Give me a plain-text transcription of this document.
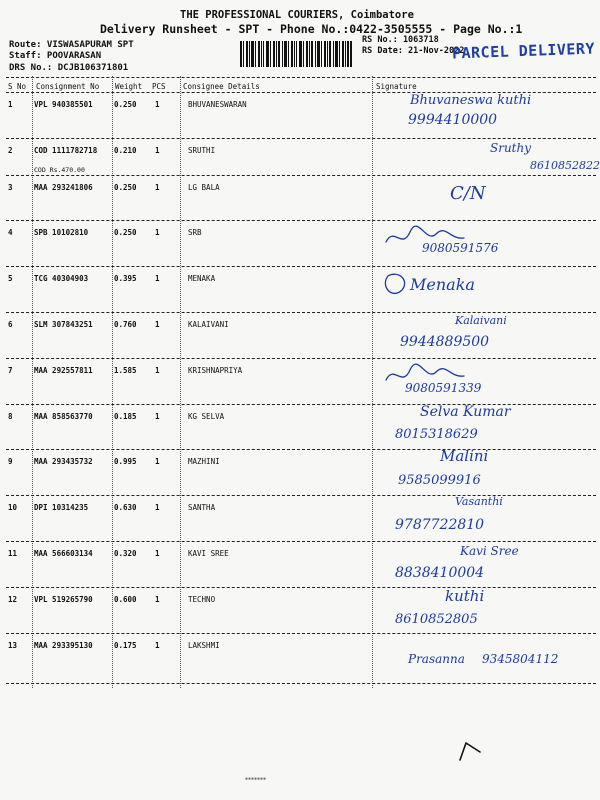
THE PROFESSIONAL COURIERS, Coimbatore
Delivery Runsheet - SPT - Phone No.:0422-3505555 - Page No.:1
Route: VISWASAPURAM SPT
Staff: POOVARASAN
DRS No.: DCJB106371801
RS No.: 1063718
RS Date: 21-Nov-2022
PARCEL DELIVERY
S No Consignment No Weight PCS Consignee Details	Signature
1	VPL 940385501	0.250 1	BHUVANESWARAN	Bhuvaneswa kuthi
9994410000
2	COD 1111782718 0.210 1	SRUTHI
COD Rs.470.00
Sruthy
8610852822
3	MAA 293241806	0.250 1	LG BALA	C/N
4	SPB 10102810	0.250 1	SRB
9080591576
5	TCG 40304903	0.395 1	MENAKA	Menaka
6	SLM 307843251	0.760 1	KALAIVANI	Kalaivani
9944889500
7	MAA 292557811	1.585 1	KRISHNAPRIYA
9080591339
8	MAA 858563770	0.185 1	KG SELVA	Selva Kumar
8015318629
9	MAA 293435732	0.995 1	MAZHINI	Malini
9585099916
10 DPI 10314235	0.630 1	SANTHA	Vasanthi
9787722810
11 MAA 566603134	0.320 1	KAVI SREE	Kavi Sree
8838410004
12 VPL 519265790	0.600 1	TECHNO	kuthi
8610852805
13 MAA 293395130	0.175 1	LAKSHMI
Prasanna 9345804112
▪▪▪▪▪▪▪
